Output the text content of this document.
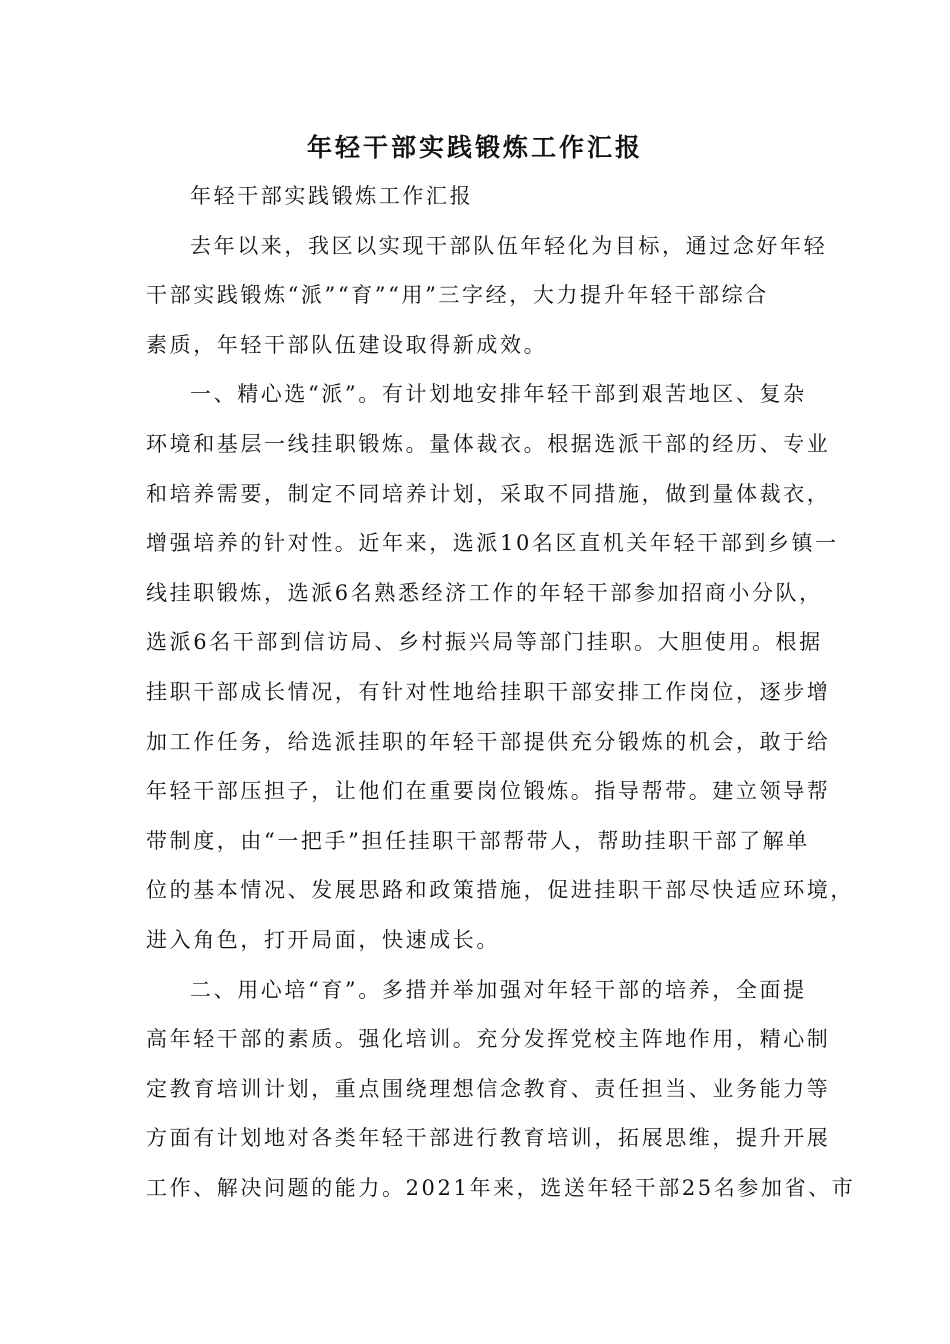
年轻干部实践锻炼工作汇报
年轻干部实践锻炼工作汇报
去年以来，我区以实现干部队伍年轻化为目标，通过念好年轻
干部实践锻炼“派”“育”“用”三字经，大力提升年轻干部综合
素质，年轻干部队伍建设取得新成效。
一、精心选“派”。有计划地安排年轻干部到艰苦地区、复杂
环境和基层一线挂职锻炼。量体裁衣。根据选派干部的经历、专业
和培养需要，制定不同培养计划，采取不同措施，做到量体裁衣，
增强培养的针对性。近年来，选派10名区直机关年轻干部到乡镇一
线挂职锻炼，选派6名熟悉经济工作的年轻干部参加招商小分队，
选派6名干部到信访局、乡村振兴局等部门挂职。大胆使用。根据
挂职干部成长情况，有针对性地给挂职干部安排工作岗位，逐步增
加工作任务，给选派挂职的年轻干部提供充分锻炼的机会，敢于给
年轻干部压担子，让他们在重要岗位锻炼。指导帮带。建立领导帮
带制度，由“一把手”担任挂职干部帮带人，帮助挂职干部了解单
位的基本情况、发展思路和政策措施，促进挂职干部尽快适应环境，
进入角色，打开局面，快速成长。
二、用心培“育”。多措并举加强对年轻干部的培养，全面提
高年轻干部的素质。强化培训。充分发挥党校主阵地作用，精心制
定教育培训计划，重点围绕理想信念教育、责任担当、业务能力等
方面有计划地对各类年轻干部进行教育培训，拓展思维，提升开展
工作、解决问题的能力。2021年来，选送年轻干部25名参加省、市
